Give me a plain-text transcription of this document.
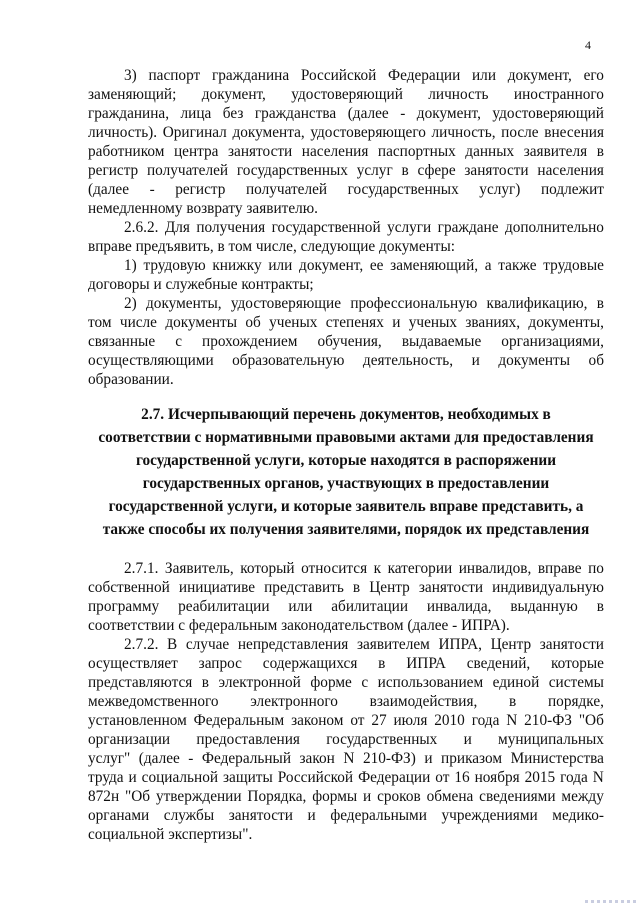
4
3) паспорт гражданина Российской Федерации или документ, его
заменяющий; документ, удостоверяющий личность иностранного
гражданина, лица без гражданства (далее - документ, удостоверяющий
личность). Оригинал документа, удостоверяющего личность, после внесения
работником центра занятости населения паспортных данных заявителя в
регистр получателей государственных услуг в сфере занятости населения
(далее - регистр получателей государственных услуг) подлежит
немедленному возврату заявителю.
2.6.2. Для получения государственной услуги граждане дополнительно
вправе предъявить, в том числе, следующие документы:
1) трудовую книжку или документ, ее заменяющий, а также трудовые
договоры и служебные контракты;
2) документы, удостоверяющие профессиональную квалификацию, в
том числе документы об ученых степенях и ученых званиях, документы,
связанные с прохождением обучения, выдаваемые организациями,
осуществляющими образовательную деятельность, и документы об
образовании.
2.7. Исчерпывающий перечень документов, необходимых в
соответствии с нормативными правовыми актами для предоставления
государственной услуги, которые находятся в распоряжении
государственных органов, участвующих в предоставлении
государственной услуги, и которые заявитель вправе представить, а
также способы их получения заявителями, порядок их представления
2.7.1. Заявитель, который относится к категории инвалидов, вправе по
собственной инициативе представить в Центр занятости индивидуальную
программу реабилитации или абилитации инвалида, выданную в
соответствии с федеральным законодательством (далее - ИПРА).
2.7.2. В случае непредставления заявителем ИПРА, Центр занятости
осуществляет запрос содержащихся в ИПРА сведений, которые
представляются в электронной форме с использованием единой системы
межведомственного электронного взаимодействия, в порядке,
установленном Федеральным законом от 27 июля 2010 года N 210-ФЗ "Об
организации предоставления государственных и муниципальных
услуг" (далее - Федеральный закон N 210-ФЗ) и приказом Министерства
труда и социальной защиты Российской Федерации от 16 ноября 2015 года N
872н "Об утверждении Порядка, формы и сроков обмена сведениями между
органами службы занятости и федеральными учреждениями медико-
социальной экспертизы".
